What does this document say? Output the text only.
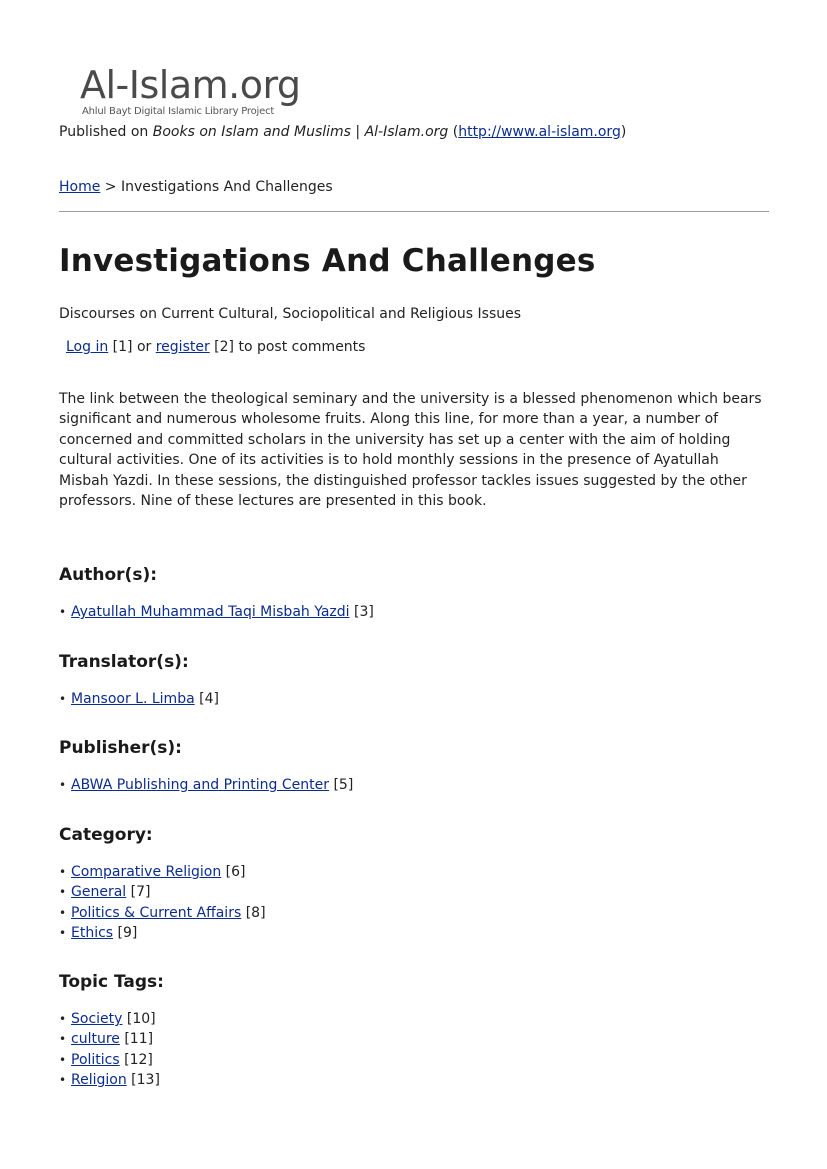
Al-Islam.org
Ahlul Bayt Digital Islamic Library Project
Published on Books on Islam and Muslims | Al-Islam.org (http://www.al-islam.org)
Home > Investigations And Challenges
Investigations And Challenges
Discourses on Current Cultural, Sociopolitical and Religious Issues
Log in [1] or register [2] to post comments

The link between the theological seminary and the university is a blessed phenomenon which bears significant and numerous wholesome fruits. Along this line, for more than a year, a number of concerned and committed scholars in the university has set up a center with the aim of holding cultural activities. One of its activities is to hold monthly sessions in the presence of Ayatullah Misbah Yazdi. In these sessions, the distinguished professor tackles issues suggested by the other professors. Nine of these lectures are presented in this book.

Author(s):
• Ayatullah Muhammad Taqi Misbah Yazdi [3]
Translator(s):
• Mansoor L. Limba [4]
Publisher(s):
• ABWA Publishing and Printing Center [5]
Category:
• Comparative Religion [6]
• General [7]
• Politics & Current Affairs [8]
• Ethics [9]
Topic Tags:
• Society [10]
• culture [11]
• Politics [12]
• Religion [13]
